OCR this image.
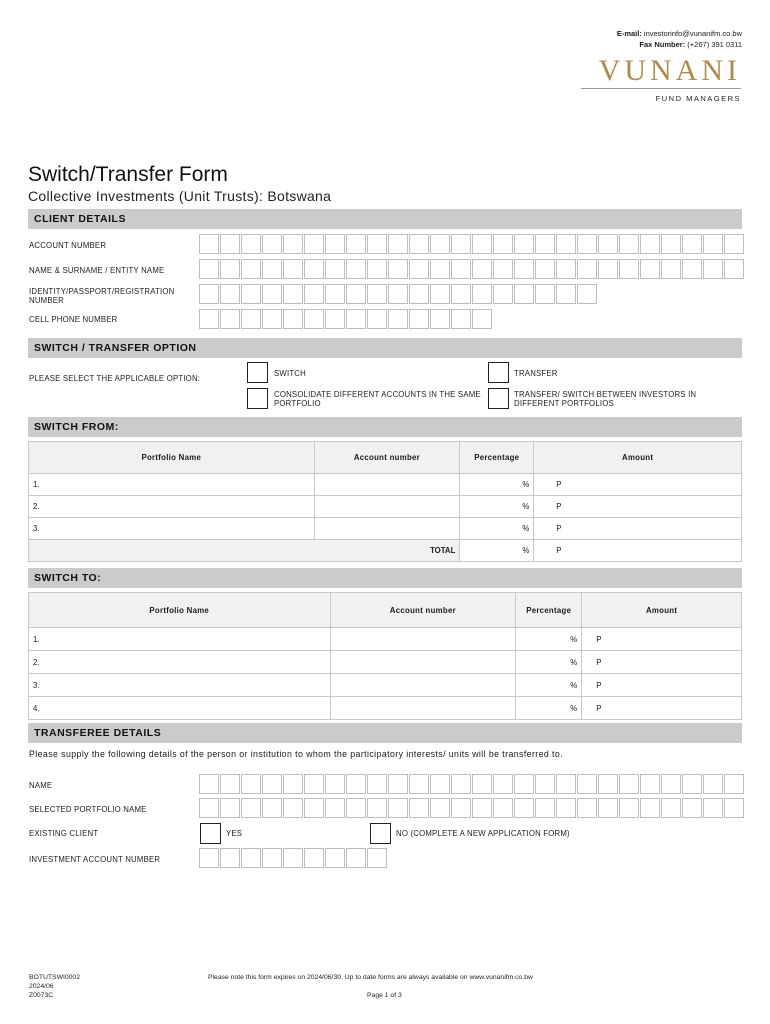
E-mail: investorinfo@vunanifm.co.bw
Fax Number: (+267) 391 0311
VUNANI
FUND MANAGERS
Switch/Transfer Form
Collective Investments (Unit Trusts): Botswana
CLIENT DETAILS
ACCOUNT NUMBER
NAME & SURNAME / ENTITY NAME
IDENTITY/PASSPORT/REGISTRATION NUMBER
CELL PHONE NUMBER
SWITCH / TRANSFER OPTION
PLEASE SELECT THE APPLICABLE OPTION:
SWITCH	TRANSFER
CONSOLIDATE DIFFERENT ACCOUNTS IN THE SAME PORTFOLIO
TRANSFER/ SWITCH BETWEEN INVESTORS IN DIFFERENT PORTFOLIOS
SWITCH FROM:
Portfolio Name	Account number	Percentage	Amount
1.		%	P
2.		%	P
3.		%	P
TOTAL		%	P
SWITCH TO:
Portfolio Name	Account number	Percentage	Amount
1.		%	P
2.		%	P
3.		%	P
4.		%	P
TRANSFEREE DETAILS
Please supply the following details of the person or institution to whom the participatory interests/ units will be transferred to.
NAME
SELECTED PORTFOLIO NAME
EXISTING CLIENT	YES	NO (COMPLETE A NEW APPLICATION FORM)
INVESTMENT ACCOUNT NUMBER
BOTUTSWI0002
2024/06
Z0073C
Please note this form expires on 2024/06/30. Up to date forms are always available on www.vunanifm.co.bw
Page 1 of 3
